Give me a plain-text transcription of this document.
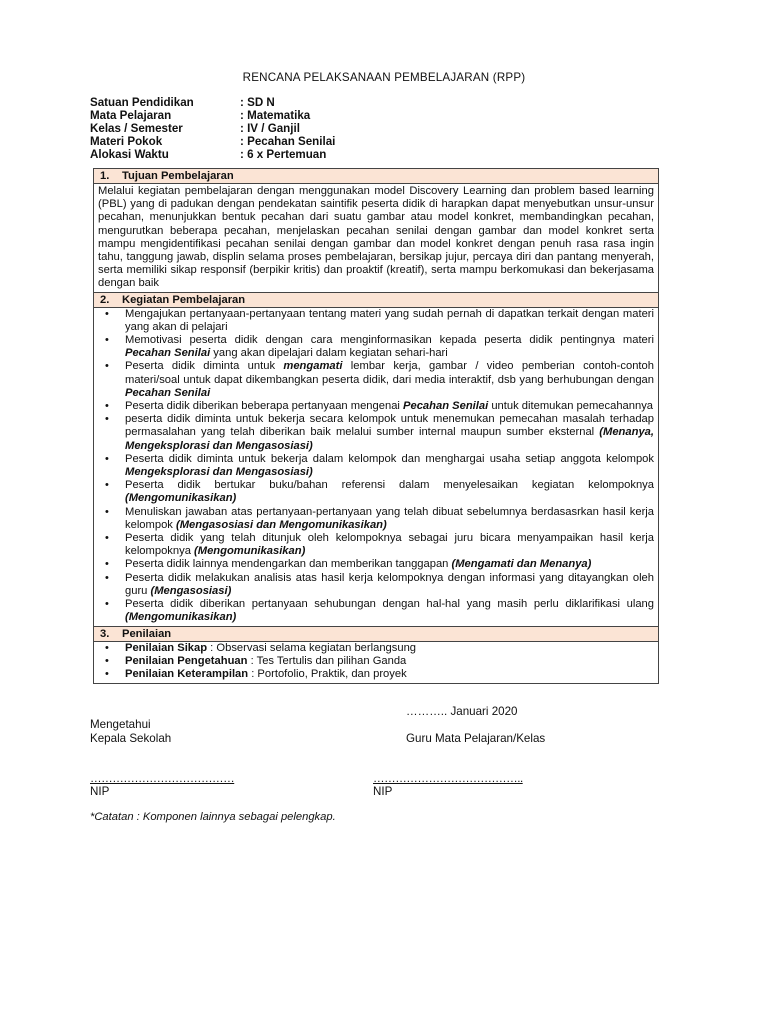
RENCANA PELAKSANAAN PEMBELAJARAN (RPP)
Satuan Pendidikan	: SD N
Mata Pelajaran	: Matematika
Kelas / Semester	: IV / Ganjil
Materi Pokok	: Pecahan Senilai
Alokasi Waktu	: 6 x Pertemuan
1. Tujuan Pembelajaran
Melalui kegiatan pembelajaran dengan menggunakan model Discovery Learning dan problem based learning (PBL) yang di padukan dengan pendekatan saintifik peserta didik di harapkan dapat menyebutkan unsur-unsur pecahan, menunjukkan bentuk pecahan dari suatu gambar atau model konkret, membandingkan pecahan, mengurutkan beberapa pecahan, menjelaskan pecahan senilai dengan gambar dan model konkret serta mampu mengidentifikasi pecahan senilai dengan gambar dan model konkret dengan penuh rasa rasa ingin tahu, tanggung jawab, displin selama proses pembelajaran, bersikap jujur, percaya diri dan pantang menyerah, serta memiliki sikap responsif (berpikir kritis) dan proaktif (kreatif), serta mampu berkomukasi dan bekerjasama dengan baik
2. Kegiatan Pembelajaran
• Mengajukan pertanyaan-pertanyaan tentang materi yang sudah pernah di dapatkan terkait dengan materi yang akan di pelajari
• Memotivasi peserta didik dengan cara menginformasikan kepada peserta didik pentingnya materi Pecahan Senilai yang akan dipelajari dalam kegiatan sehari-hari
• Peserta didik diminta untuk mengamati lembar kerja, gambar / video pemberian contoh-contoh materi/soal untuk dapat dikembangkan peserta didik, dari media interaktif, dsb yang berhubungan dengan Pecahan Senilai
• Peserta didik diberikan beberapa pertanyaan mengenai Pecahan Senilai untuk ditemukan pemecahannya
• peserta didik diminta untuk bekerja secara kelompok untuk menemukan pemecahan masalah terhadap permasalahan yang telah diberikan baik melalui sumber internal maupun sumber eksternal (Menanya, Mengeksplorasi dan Mengasosiasi)
• Peserta didik diminta untuk bekerja dalam kelompok dan menghargai usaha setiap anggota kelompok Mengeksplorasi dan Mengasosiasi)
• Peserta didik bertukar buku/bahan referensi dalam menyelesaikan kegiatan kelompoknya (Mengomunikasikan)
• Menuliskan jawaban atas pertanyaan-pertanyaan yang telah dibuat sebelumnya berdasasrkan hasil kerja kelompok (Mengasosiasi dan Mengomunikasikan)
• Peserta didik yang telah ditunjuk oleh kelompoknya sebagai juru bicara menyampaikan hasil kerja kelompoknya (Mengomunikasikan)
• Peserta didik lainnya mendengarkan dan memberikan tanggapan (Mengamati dan Menanya)
• Peserta didik melakukan analisis atas hasil kerja kelompoknya dengan informasi yang ditayangkan oleh guru (Mengasosiasi)
• Peserta didik diberikan pertanyaan sehubungan dengan hal-hal yang masih perlu diklarifikasi ulang (Mengomunikasikan)
3. Penilaian
• Penilaian Sikap : Observasi selama kegiatan berlangsung
• Penilaian Pengetahuan : Tes Tertulis dan pilihan Ganda
• Penilaian Keterampilan : Portofolio, Praktik, dan proyek
……….. Januari 2020
Mengetahui
Kepala Sekolah	Guru Mata Pelajaran/Kelas
…………………………………	…………………………………..
NIP	NIP
*Catatan : Komponen lainnya sebagai pelengkap.
